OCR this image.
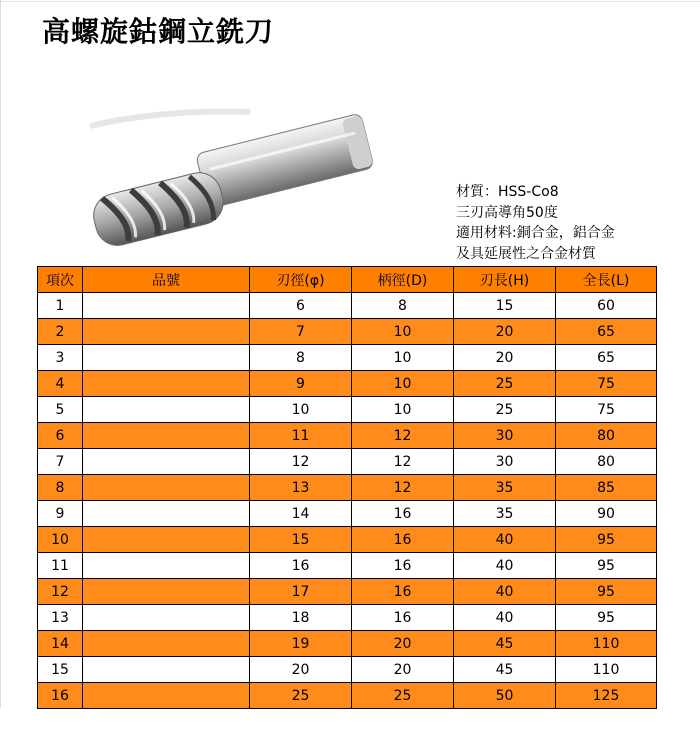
高螺旋鈷鋼立銑刀
材質：HSS-Co8
三刃高導角50度
適用材料:銅合金，鋁合金
及具延展性之合金材質
項次	品號	刃徑(φ)	柄徑(D)	刃長(H)	全長(L)
1		6	8	15	60
2		7	10	20	65
3		8	10	20	65
4		9	10	25	75
5		10	10	25	75
6		11	12	30	80
7		12	12	30	80
8		13	12	35	85
9		14	16	35	90
10		15	16	40	95
11		16	16	40	95
12		17	16	40	95
13		18	16	40	95
14		19	20	45	110
15		20	20	45	110
16		25	25	50	125
